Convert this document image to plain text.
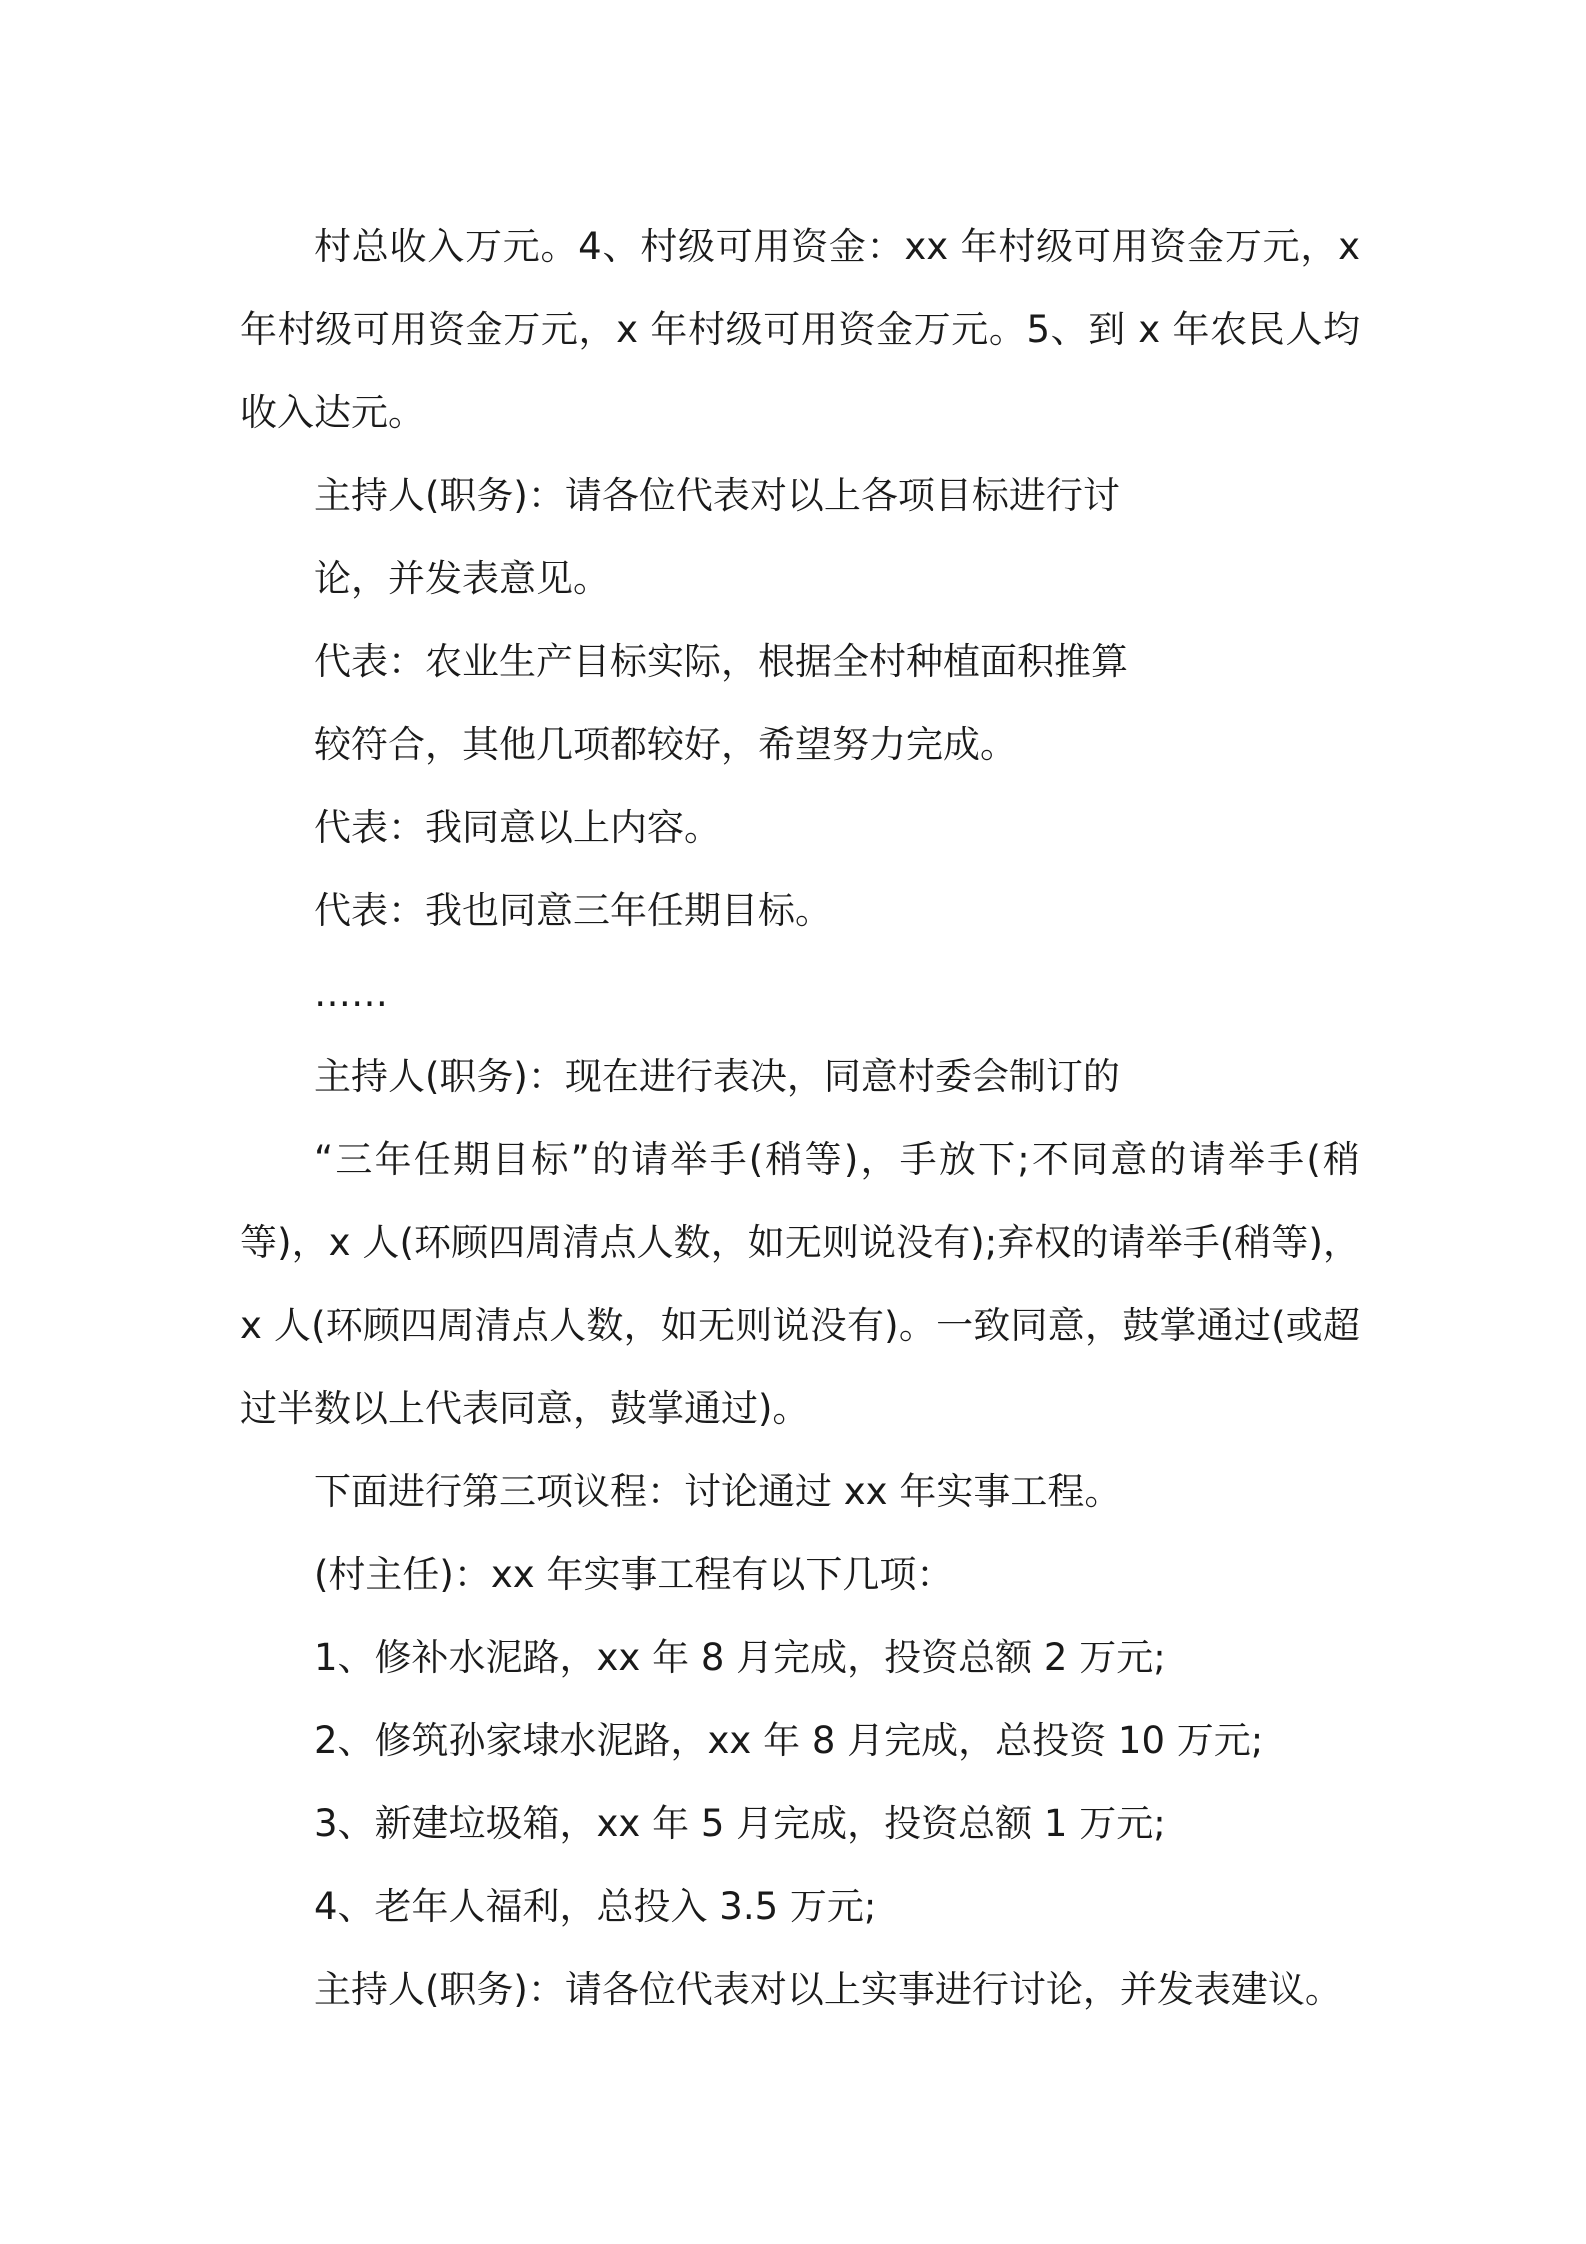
村总收入万元。4、村级可用资金：xx 年村级可用资金万元，x 年村级可用资金万元，x 年村级可用资金万元。5、到 x 年农民人均收入达元。

主持人(职务)：请各位代表对以上各项目标进行讨

论，并发表意见。

代表：农业生产目标实际，根据全村种植面积推算

较符合，其他几项都较好，希望努力完成。

代表：我同意以上内容。

代表：我也同意三年任期目标。

……

主持人(职务)：现在进行表决，同意村委会制订的

“三年任期目标”的请举手(稍等)，手放下;不同意的请举手(稍等)，x 人(环顾四周清点人数，如无则说没有);弃权的请举手(稍等)，x 人(环顾四周清点人数，如无则说没有)。一致同意，鼓掌通过(或超过半数以上代表同意，鼓掌通过)。

下面进行第三项议程：讨论通过 xx 年实事工程。

(村主任)：xx 年实事工程有以下几项：

1、修补水泥路，xx 年 8 月完成，投资总额 2 万元;

2、修筑孙家埭水泥路，xx 年 8 月完成，总投资 10 万元;

3、新建垃圾箱，xx 年 5 月完成，投资总额 1 万元;

4、老年人福利，总投入 3.5 万元;

主持人(职务)：请各位代表对以上实事进行讨论，并发表建议。
